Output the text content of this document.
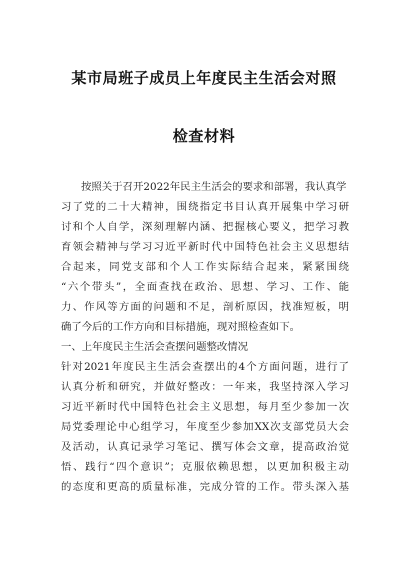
某市局班子成员上年度民主生活会对照
检查材料
按照关于召开2022年民主生活会的要求和部署，我认真学
习了党的二十大精神，围绕指定书目认真开展集中学习研
讨和个人自学，深刻理解内涵、把握核心要义，把学习教
育领会精神与学习习近平新时代中国特色社会主义思想结
合起来，同党支部和个人工作实际结合起来，紧紧围绕
“六个带头”，全面查找在政治、思想、学习、工作、能
力、作风等方面的问题和不足，剖析原因，找准短板，明
确了今后的工作方向和目标措施，现对照检查如下。
一、上年度民主生活会查摆问题整改情况
针对2021年度民主生活会查摆出的4个方面问题，进行了
认真分析和研究，并做好整改：一年来，我坚持深入学习
习近平新时代中国特色社会主义思想，每月至少参加一次
局党委理论中心组学习，年度至少参加XX次支部党员大会
及活动，认真记录学习笔记、撰写体会文章，提高政治觉
悟、践行“四个意识”；克服依赖思想，以更加积极主动
的态度和更高的质量标准，完成分管的工作。带头深入基
